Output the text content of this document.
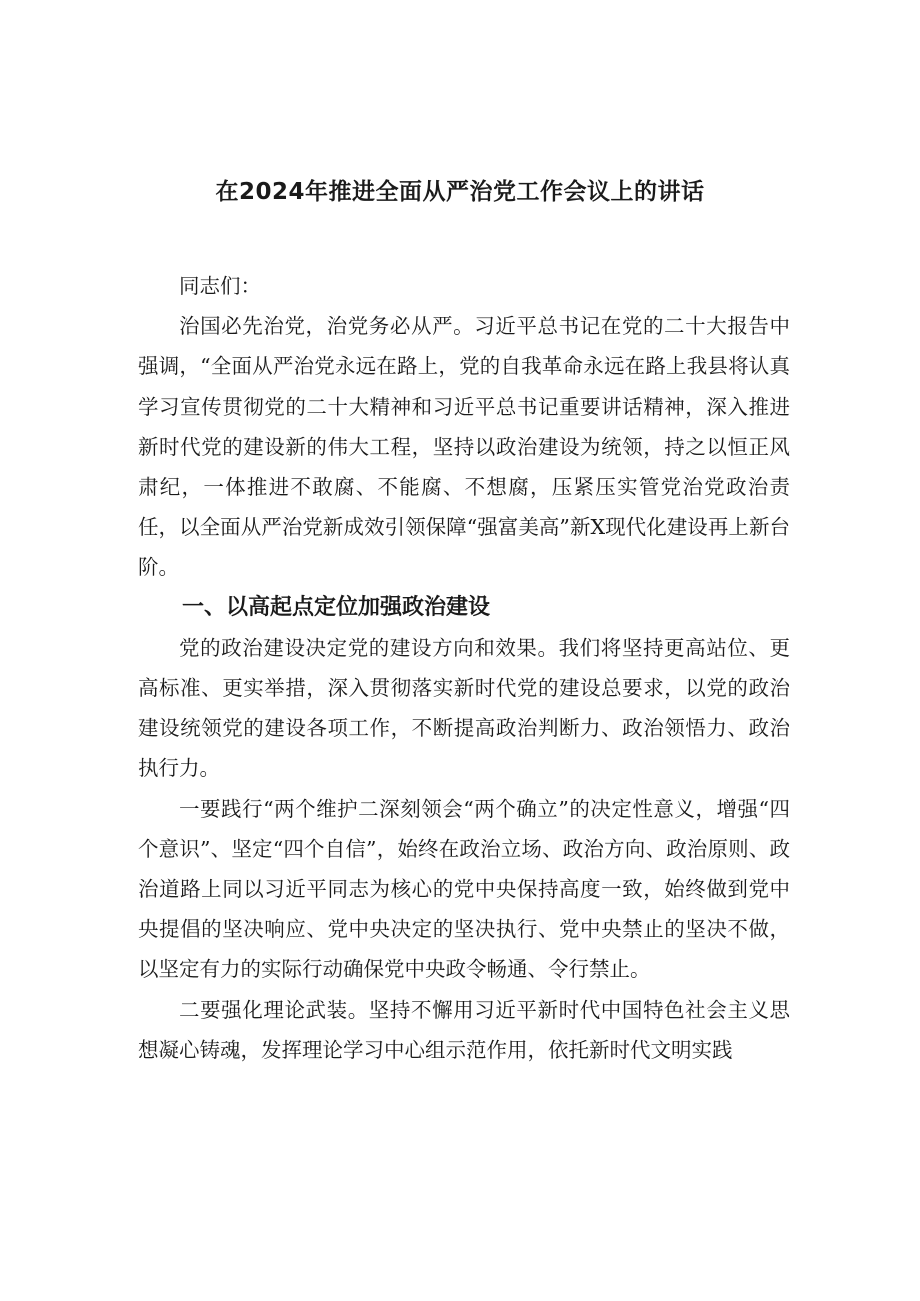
在2024年推进全面从严治党工作会议上的讲话

同志们：

治国必先治党，治党务必从严。习近平总书记在党的二十大报告中强调，“全面从严治党永远在路上，党的自我革命永远在路上我县将认真学习宣传贯彻党的二十大精神和习近平总书记重要讲话精神，深入推进新时代党的建设新的伟大工程，坚持以政治建设为统领，持之以恒正风肃纪，一体推进不敢腐、不能腐、不想腐，压紧压实管党治党政治责任，以全面从严治党新成效引领保障“强富美高”新X现代化建设再上新台阶。

一、以高起点定位加强政治建设

党的政治建设决定党的建设方向和效果。我们将坚持更高站位、更高标准、更实举措，深入贯彻落实新时代党的建设总要求，以党的政治建设统领党的建设各项工作，不断提高政治判断力、政治领悟力、政治执行力。

一要践行“两个维护二深刻领会“两个确立”的决定性意义，增强“四个意识”、坚定“四个自信”，始终在政治立场、政治方向、政治原则、政治道路上同以习近平同志为核心的党中央保持高度一致，始终做到党中央提倡的坚决响应、党中央决定的坚决执行、党中央禁止的坚决不做，以坚定有力的实际行动确保党中央政令畅通、令行禁止。

二要强化理论武装。坚持不懈用习近平新时代中国特色社会主义思想凝心铸魂，发挥理论学习中心组示范作用，依托新时代文明实践
